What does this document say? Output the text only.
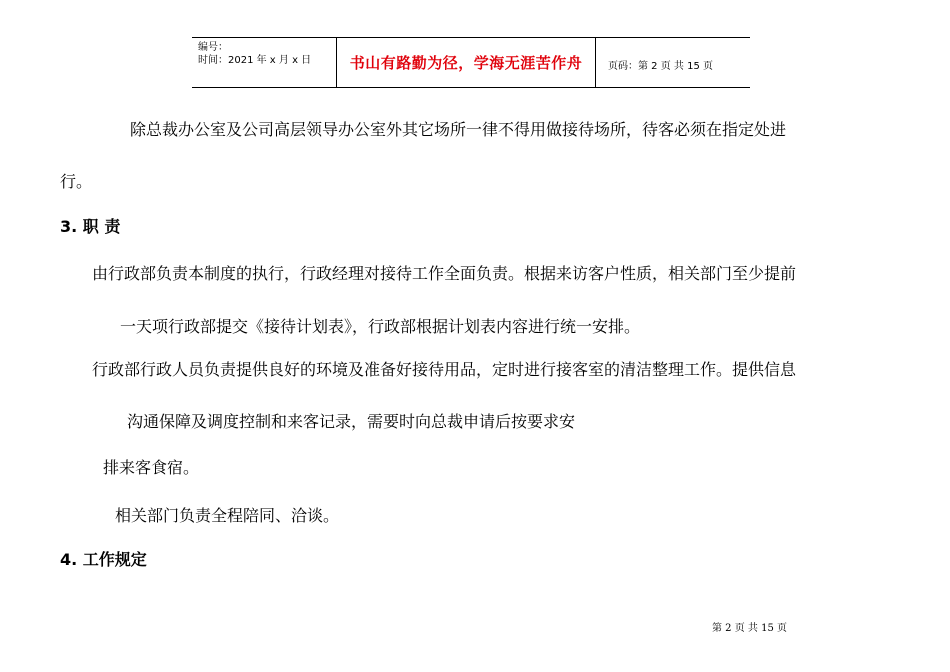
编号：
时间：2021 年 x 月 x 日	书山有路勤为径，学海无涯苦作舟	页码：第 2 页 共 15 页
除总裁办公室及公司高层领导办公室外其它场所一律不得用做接待场所，待客必须在指定处进
行。
3. 职 责
由行政部负责本制度的执行，行政经理对接待工作全面负责。根据来访客户性质，相关部门至少提前
一天项行政部提交《接待计划表》，行政部根据计划表内容进行统一安排。
行政部行政人员负责提供良好的环境及准备好接待用品，定时进行接客室的清洁整理工作。提供信息
沟通保障及调度控制和来客记录，需要时向总裁申请后按要求安
排来客食宿。
相关部门负责全程陪同、洽谈。
4. 工作规定
第 2 页 共 15 页
